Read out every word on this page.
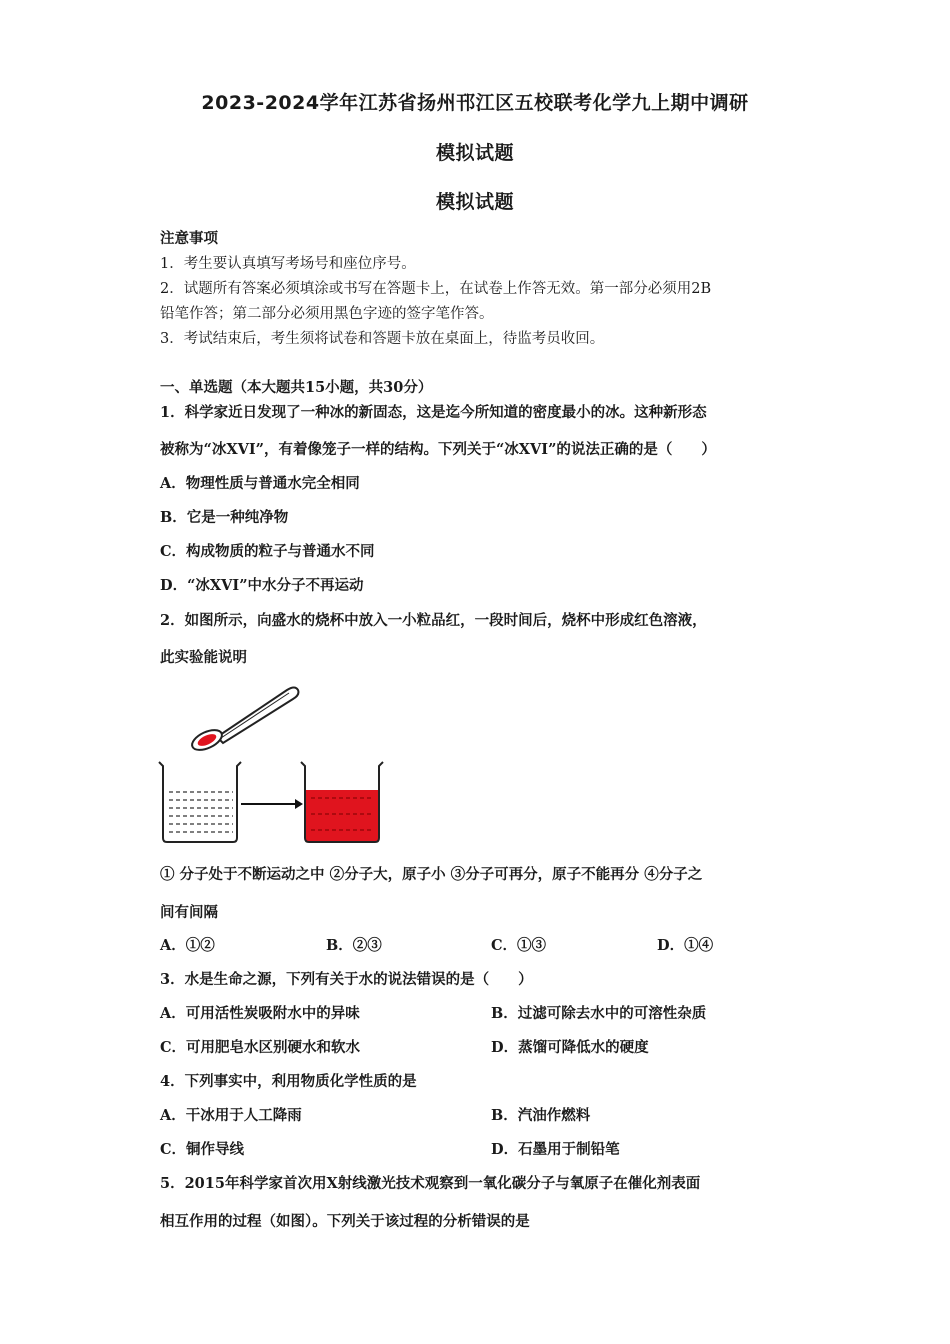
2023-2024学年江苏省扬州邗江区五校联考化学九上期中调研
模拟试题
模拟试题
注意事项
1．考生要认真填写考场号和座位序号。
2．试题所有答案必须填涂或书写在答题卡上，在试卷上作答无效。第一部分必须用2B
铅笔作答；第二部分必须用黑色字迹的签字笔作答。
3．考试结束后，考生须将试卷和答题卡放在桌面上，待监考员收回。
一、单选题（本大题共15小题，共30分）
1．科学家近日发现了一种冰的新固态，这是迄今所知道的密度最小的冰。这种新形态
被称为“冰XVI”，有着像笼子一样的结构。下列关于“冰XVI”的说法正确的是（　　）
A．物理性质与普通水完全相同
B．它是一种纯净物
C．构成物质的粒子与普通水不同
D．“冰XVI”中水分子不再运动
2．如图所示，向盛水的烧杯中放入一小粒品红，一段时间后，烧杯中形成红色溶液，
此实验能说明
① 分子处于不断运动之中 ②分子大，原子小 ③分子可再分，原子不能再分 ④分子之
间有间隔
A．①②	B．②③	C．①③	D．①④
3．水是生命之源，下列有关于水的说法错误的是（　　）
A．可用活性炭吸附水中的异味	B．过滤可除去水中的可溶性杂质
C．可用肥皂水区别硬水和软水	D．蒸馏可降低水的硬度
4．下列事实中，利用物质化学性质的是
A．干冰用于人工降雨	B．汽油作燃料
C．铜作导线	D．石墨用于制铅笔
5．2015年科学家首次用X射线激光技术观察到一氧化碳分子与氧原子在催化剂表面
相互作用的过程（如图）。下列关于该过程的分析错误的是
